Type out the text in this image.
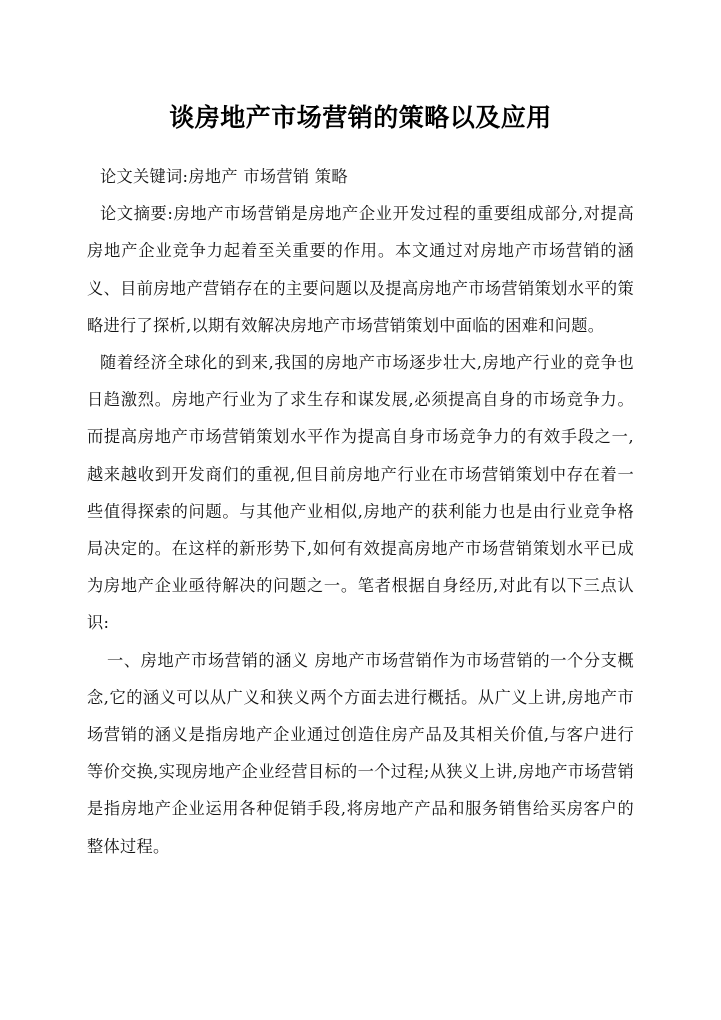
谈房地产市场营销的策略以及应用

论文关键词:房地产 市场营销 策略

论文摘要:房地产市场营销是房地产企业开发过程的重要组成部分,对提高房地产企业竞争力起着至关重要的作用。本文通过对房地产市场营销的涵义、目前房地产营销存在的主要问题以及提高房地产市场营销策划水平的策略进行了探析,以期有效解决房地产市场营销策划中面临的困难和问题。

随着经济全球化的到来,我国的房地产市场逐步壮大,房地产行业的竞争也日趋激烈。房地产行业为了求生存和谋发展,必须提高自身的市场竞争力。而提高房地产市场营销策划水平作为提高自身市场竞争力的有效手段之一,越来越收到开发商们的重视,但目前房地产行业在市场营销策划中存在着一些值得探索的问题。与其他产业相似,房地产的获利能力也是由行业竞争格局决定的。在这样的新形势下,如何有效提高房地产市场营销策划水平已成为房地产企业亟待解决的问题之一。笔者根据自身经历,对此有以下三点认识:

一、房地产市场营销的涵义 房地产市场营销作为市场营销的一个分支概念,它的涵义可以从广义和狭义两个方面去进行概括。从广义上讲,房地产市场营销的涵义是指房地产企业通过创造住房产品及其相关价值,与客户进行等价交换,实现房地产企业经营目标的一个过程;从狭义上讲,房地产市场营销是指房地产企业运用各种促销手段,将房地产产品和服务销售给买房客户的整体过程。
